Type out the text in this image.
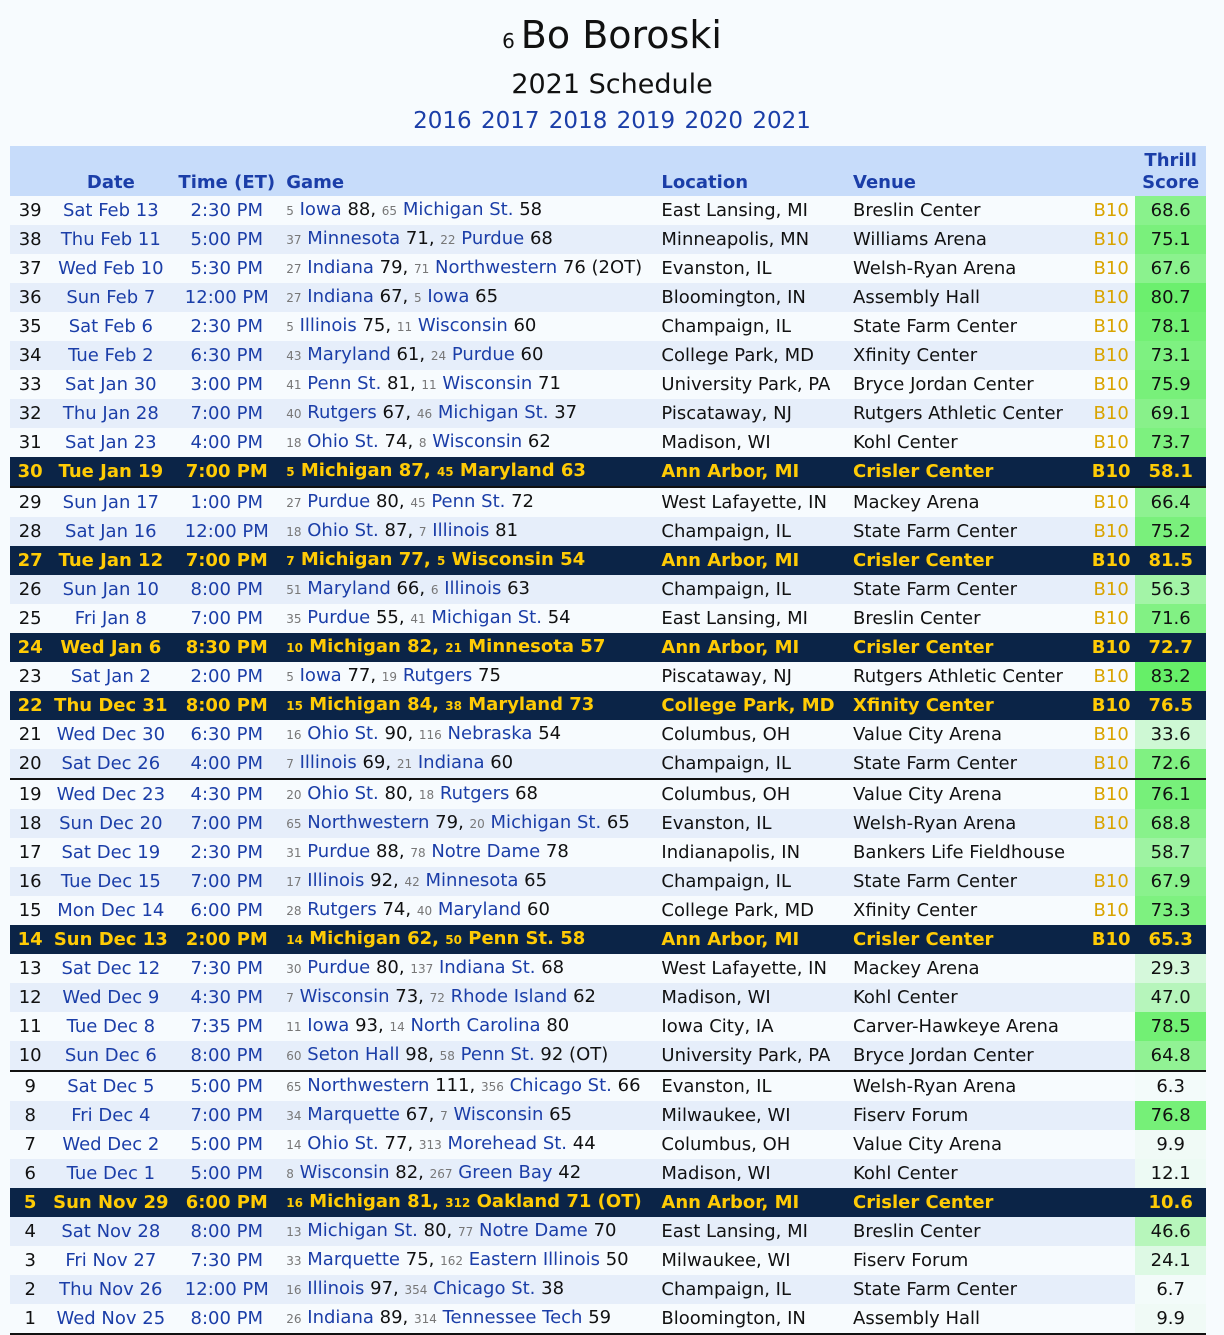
6 Bo Boroski
2021 Schedule
2016 2017 2018 2019 2020 2021
	Date	Time (ET)	Game	Location	Venue		Thrill
Score
39	Sat Feb 13	2:30 PM	5 Iowa 88, 65 Michigan St. 58	East Lansing, MI	Breslin Center	B10	68.6
38	Thu Feb 11	5:00 PM	37 Minnesota 71, 22 Purdue 68	Minneapolis, MN	Williams Arena	B10	75.1
37	Wed Feb 10	5:30 PM	27 Indiana 79, 71 Northwestern 76 (2OT)	Evanston, IL	Welsh-Ryan Arena	B10	67.6
36	Sun Feb 7	12:00 PM	27 Indiana 67, 5 Iowa 65	Bloomington, IN	Assembly Hall	B10	80.7
35	Sat Feb 6	2:30 PM	5 Illinois 75, 11 Wisconsin 60	Champaign, IL	State Farm Center	B10	78.1
34	Tue Feb 2	6:30 PM	43 Maryland 61, 24 Purdue 60	College Park, MD	Xfinity Center	B10	73.1
33	Sat Jan 30	3:00 PM	41 Penn St. 81, 11 Wisconsin 71	University Park, PA	Bryce Jordan Center	B10	75.9
32	Thu Jan 28	7:00 PM	40 Rutgers 67, 46 Michigan St. 37	Piscataway, NJ	Rutgers Athletic Center	B10	69.1
31	Sat Jan 23	4:00 PM	18 Ohio St. 74, 8 Wisconsin 62	Madison, WI	Kohl Center	B10	73.7
30	Tue Jan 19	7:00 PM	5 Michigan 87, 45 Maryland 63	Ann Arbor, MI	Crisler Center	B10	58.1
29	Sun Jan 17	1:00 PM	27 Purdue 80, 45 Penn St. 72	West Lafayette, IN	Mackey Arena	B10	66.4
28	Sat Jan 16	12:00 PM	18 Ohio St. 87, 7 Illinois 81	Champaign, IL	State Farm Center	B10	75.2
27	Tue Jan 12	7:00 PM	7 Michigan 77, 5 Wisconsin 54	Ann Arbor, MI	Crisler Center	B10	81.5
26	Sun Jan 10	8:00 PM	51 Maryland 66, 6 Illinois 63	Champaign, IL	State Farm Center	B10	56.3
25	Fri Jan 8	7:00 PM	35 Purdue 55, 41 Michigan St. 54	East Lansing, MI	Breslin Center	B10	71.6
24	Wed Jan 6	8:30 PM	10 Michigan 82, 21 Minnesota 57	Ann Arbor, MI	Crisler Center	B10	72.7
23	Sat Jan 2	2:00 PM	5 Iowa 77, 19 Rutgers 75	Piscataway, NJ	Rutgers Athletic Center	B10	83.2
22	Thu Dec 31	8:00 PM	15 Michigan 84, 38 Maryland 73	College Park, MD	Xfinity Center	B10	76.5
21	Wed Dec 30	6:30 PM	16 Ohio St. 90, 116 Nebraska 54	Columbus, OH	Value City Arena	B10	33.6
20	Sat Dec 26	4:00 PM	7 Illinois 69, 21 Indiana 60	Champaign, IL	State Farm Center	B10	72.6
19	Wed Dec 23	4:30 PM	20 Ohio St. 80, 18 Rutgers 68	Columbus, OH	Value City Arena	B10	76.1
18	Sun Dec 20	7:00 PM	65 Northwestern 79, 20 Michigan St. 65	Evanston, IL	Welsh-Ryan Arena	B10	68.8
17	Sat Dec 19	2:30 PM	31 Purdue 88, 78 Notre Dame 78	Indianapolis, IN	Bankers Life Fieldhouse		58.7
16	Tue Dec 15	7:00 PM	17 Illinois 92, 42 Minnesota 65	Champaign, IL	State Farm Center	B10	67.9
15	Mon Dec 14	6:00 PM	28 Rutgers 74, 40 Maryland 60	College Park, MD	Xfinity Center	B10	73.3
14	Sun Dec 13	2:00 PM	14 Michigan 62, 50 Penn St. 58	Ann Arbor, MI	Crisler Center	B10	65.3
13	Sat Dec 12	7:30 PM	30 Purdue 80, 137 Indiana St. 68	West Lafayette, IN	Mackey Arena		29.3
12	Wed Dec 9	4:30 PM	7 Wisconsin 73, 72 Rhode Island 62	Madison, WI	Kohl Center		47.0
11	Tue Dec 8	7:35 PM	11 Iowa 93, 14 North Carolina 80	Iowa City, IA	Carver-Hawkeye Arena		78.5
10	Sun Dec 6	8:00 PM	60 Seton Hall 98, 58 Penn St. 92 (OT)	University Park, PA	Bryce Jordan Center		64.8
9	Sat Dec 5	5:00 PM	65 Northwestern 111, 356 Chicago St. 66	Evanston, IL	Welsh-Ryan Arena		6.3
8	Fri Dec 4	7:00 PM	34 Marquette 67, 7 Wisconsin 65	Milwaukee, WI	Fiserv Forum		76.8
7	Wed Dec 2	5:00 PM	14 Ohio St. 77, 313 Morehead St. 44	Columbus, OH	Value City Arena		9.9
6	Tue Dec 1	5:00 PM	8 Wisconsin 82, 267 Green Bay 42	Madison, WI	Kohl Center		12.1
5	Sun Nov 29	6:00 PM	16 Michigan 81, 312 Oakland 71 (OT)	Ann Arbor, MI	Crisler Center		10.6
4	Sat Nov 28	8:00 PM	13 Michigan St. 80, 77 Notre Dame 70	East Lansing, MI	Breslin Center		46.6
3	Fri Nov 27	7:30 PM	33 Marquette 75, 162 Eastern Illinois 50	Milwaukee, WI	Fiserv Forum		24.1
2	Thu Nov 26	12:00 PM	16 Illinois 97, 354 Chicago St. 38	Champaign, IL	State Farm Center		6.7
1	Wed Nov 25	8:00 PM	26 Indiana 89, 314 Tennessee Tech 59	Bloomington, IN	Assembly Hall		9.9
